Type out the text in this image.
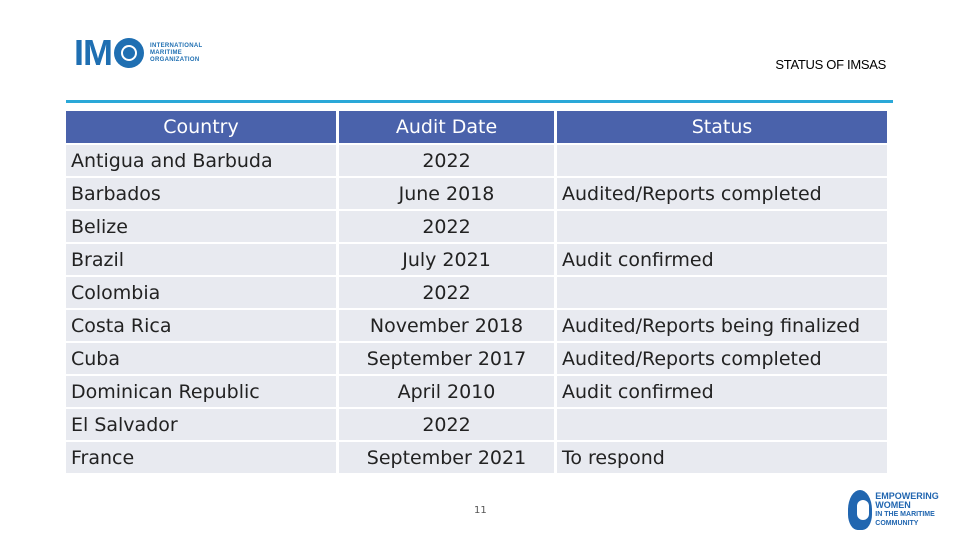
IM	INTERNATIONAL
MARITIME
ORGANIZATION	STATUS OF IMSAS
Country	Audit Date	Status
Antigua and Barbuda	2022	
Barbados	June 2018	Audited/Reports completed
Belize	2022	
Brazil	July 2021	Audit confirmed
Colombia	2022	
Costa Rica	November 2018	Audited/Reports being finalized
Cuba	September 2017	Audited/Reports completed
Dominican Republic	April 2010	Audit confirmed
El Salvador	2022	
France	September 2021	To respond
11
EMPOWERING WOMEN
IN THE MARITIME COMMUNITY
